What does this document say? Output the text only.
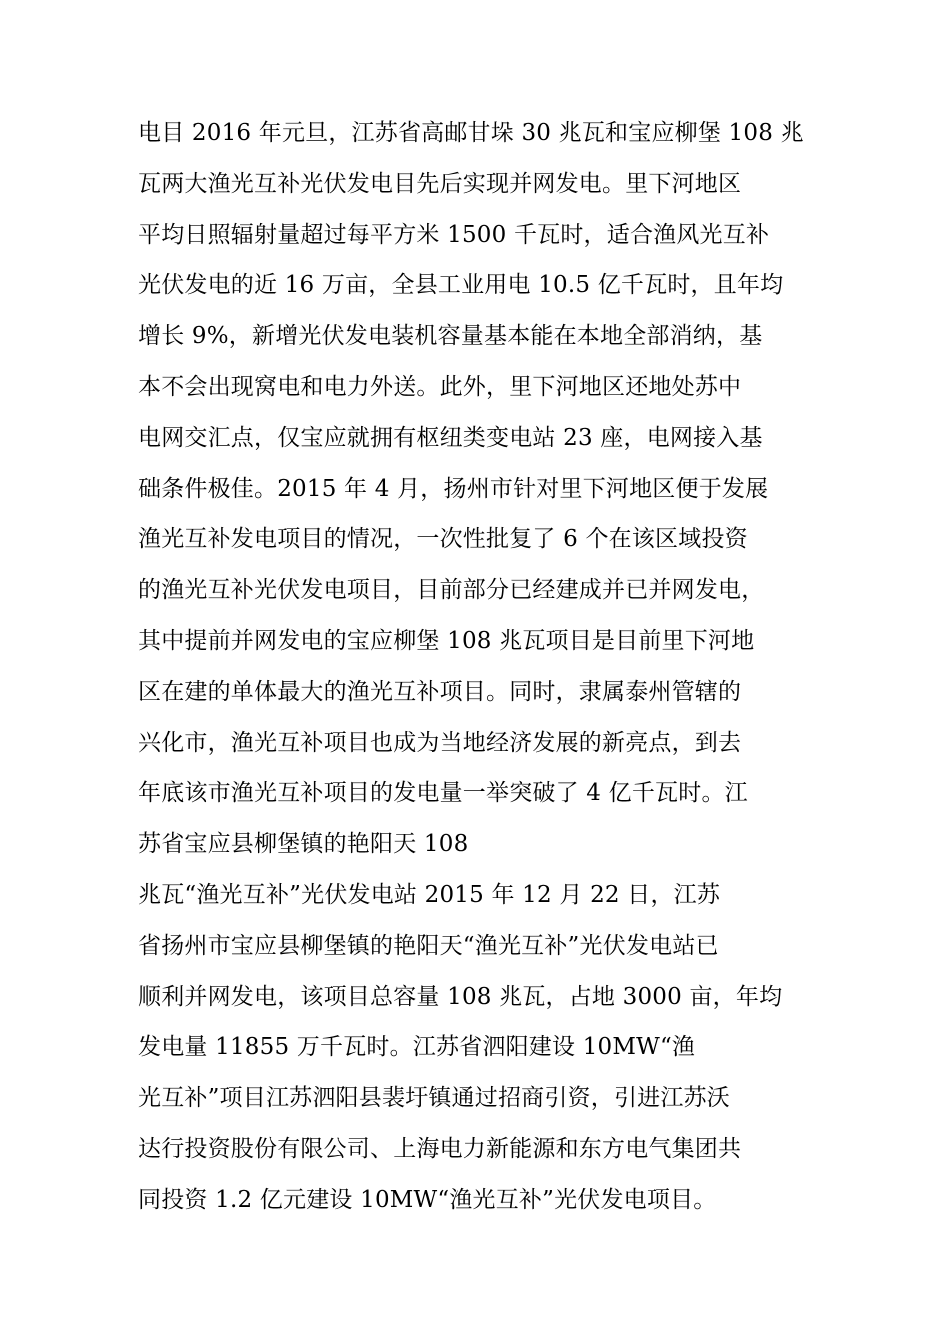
电目 2016 年元旦，江苏省高邮甘垛 30 兆瓦和宝应柳堡 108 兆
瓦两大渔光互补光伏发电目先后实现并网发电。里下河地区
平均日照辐射量超过每平方米 1500 千瓦时，适合渔风光互补
光伏发电的近 16 万亩，全县工业用电 10.5 亿千瓦时，且年均
增长 9%，新增光伏发电装机容量基本能在本地全部消纳，基
本不会出现窝电和电力外送。此外，里下河地区还地处苏中
电网交汇点，仅宝应就拥有枢纽类变电站 23 座，电网接入基
础条件极佳。2015 年 4 月，扬州市针对里下河地区便于发展
渔光互补发电项目的情况，一次性批复了 6 个在该区域投资
的渔光互补光伏发电项目，目前部分已经建成并已并网发电，
其中提前并网发电的宝应柳堡 108 兆瓦项目是目前里下河地
区在建的单体最大的渔光互补项目。同时，隶属泰州管辖的
兴化市，渔光互补项目也成为当地经济发展的新亮点，到去
年底该市渔光互补项目的发电量一举突破了 4 亿千瓦时。江
苏省宝应县柳堡镇的艳阳天 108
兆瓦“渔光互补”光伏发电站 2015 年 12 月 22 日，江苏
省扬州市宝应县柳堡镇的艳阳天“渔光互补”光伏发电站已
顺利并网发电，该项目总容量 108 兆瓦，占地 3000 亩，年均
发电量 11855 万千瓦时。江苏省泗阳建设 10MW“渔
光互补”项目江苏泗阳县裴圩镇通过招商引资，引进江苏沃
达行投资股份有限公司、上海电力新能源和东方电气集团共
同投资 1.2 亿元建设 10MW“渔光互补”光伏发电项目。
